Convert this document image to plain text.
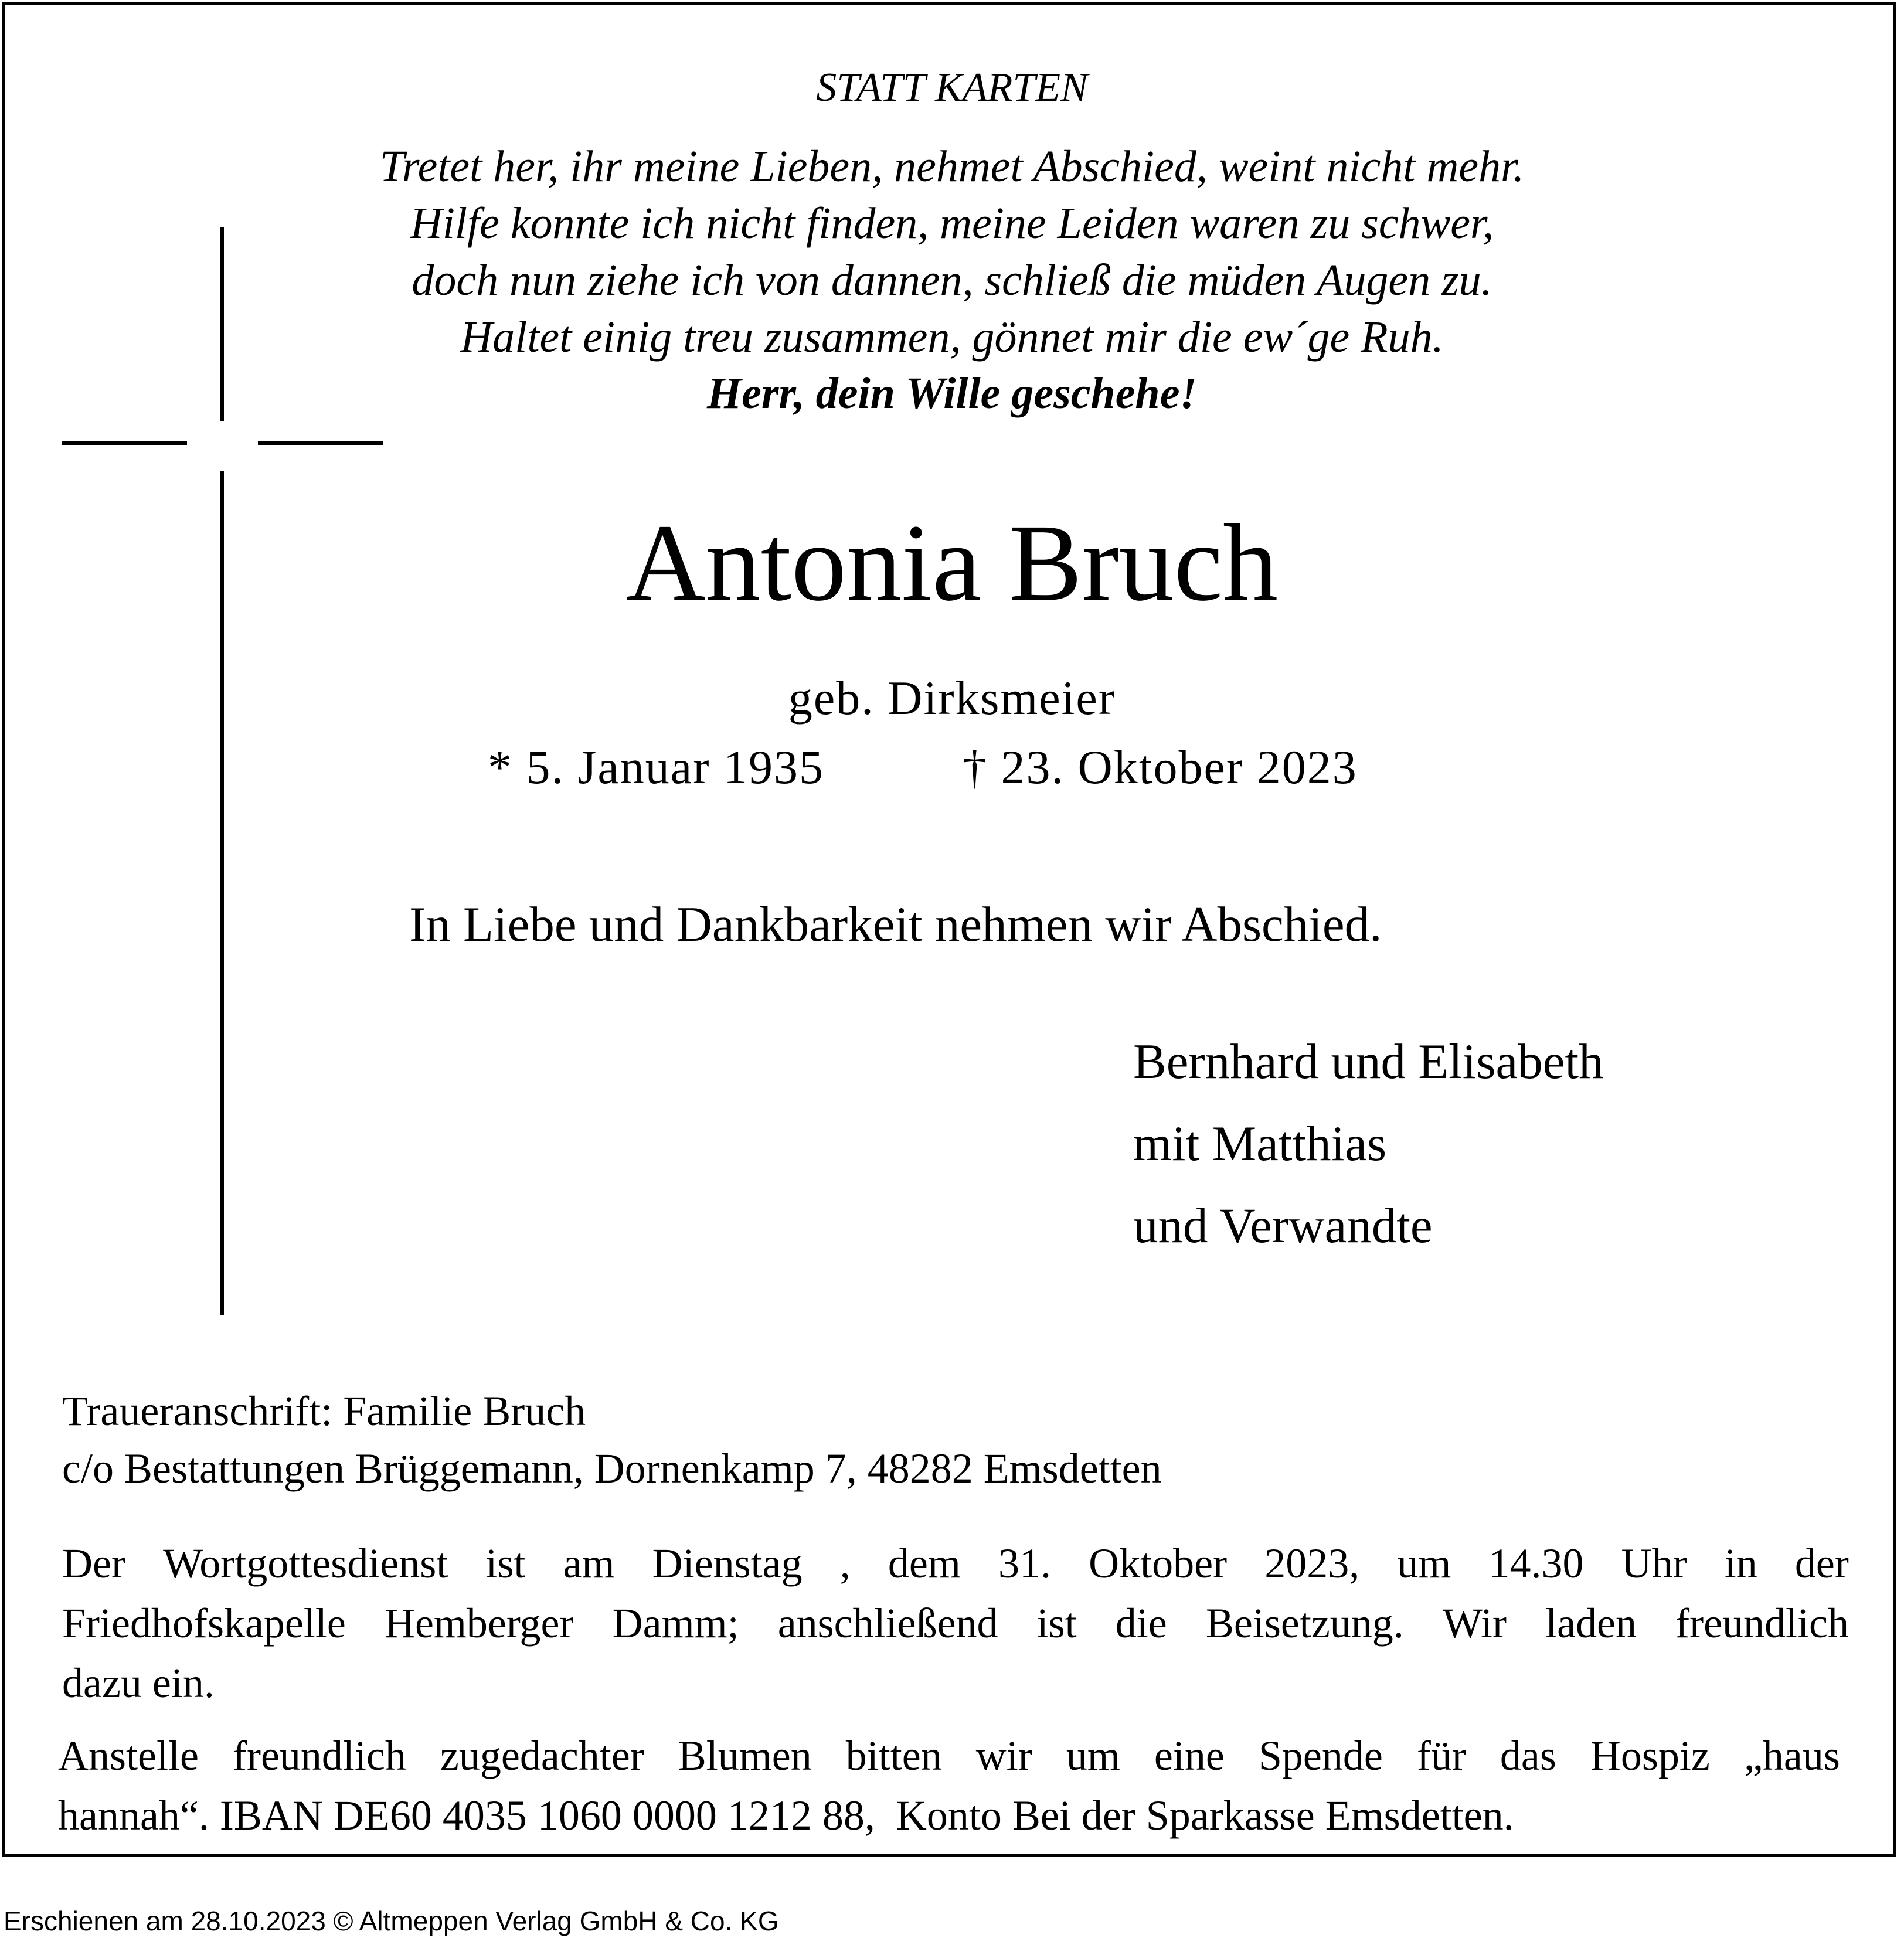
STATT KARTEN
Tretet her, ihr meine Lieben, nehmet Abschied, weint nicht mehr.
Hilfe konnte ich nicht finden, meine Leiden waren zu schwer,
doch nun ziehe ich von dannen, schließ die müden Augen zu.
Haltet einig treu zusammen, gönnet mir die ew´ge Ruh.
Herr, dein Wille geschehe!
Antonia Bruch
geb. Dirksmeier
* 5. Januar 1935	† 23. Oktober 2023
In Liebe und Dankbarkeit nehmen wir Abschied.
Bernhard und Elisabeth
mit Matthias
und Verwandte
Traueranschrift: Familie Bruch
c/o Bestattungen Brüggemann, Dornenkamp 7, 48282 Emsdetten
Der Wortgottesdienst ist am Dienstag , dem 31. Oktober 2023, um 14.30 Uhr in der
Friedhofskapelle Hemberger Damm; anschließend ist die Beisetzung. Wir laden freundlich
dazu ein.
Anstelle freundlich zugedachter Blumen bitten wir um eine Spende für das Hospiz „haus
hannah“. IBAN DE60 4035 1060 0000 1212 88,  Konto Bei der Sparkasse Emsdetten.
Erschienen am 28.10.2023 © Altmeppen Verlag GmbH & Co. KG
